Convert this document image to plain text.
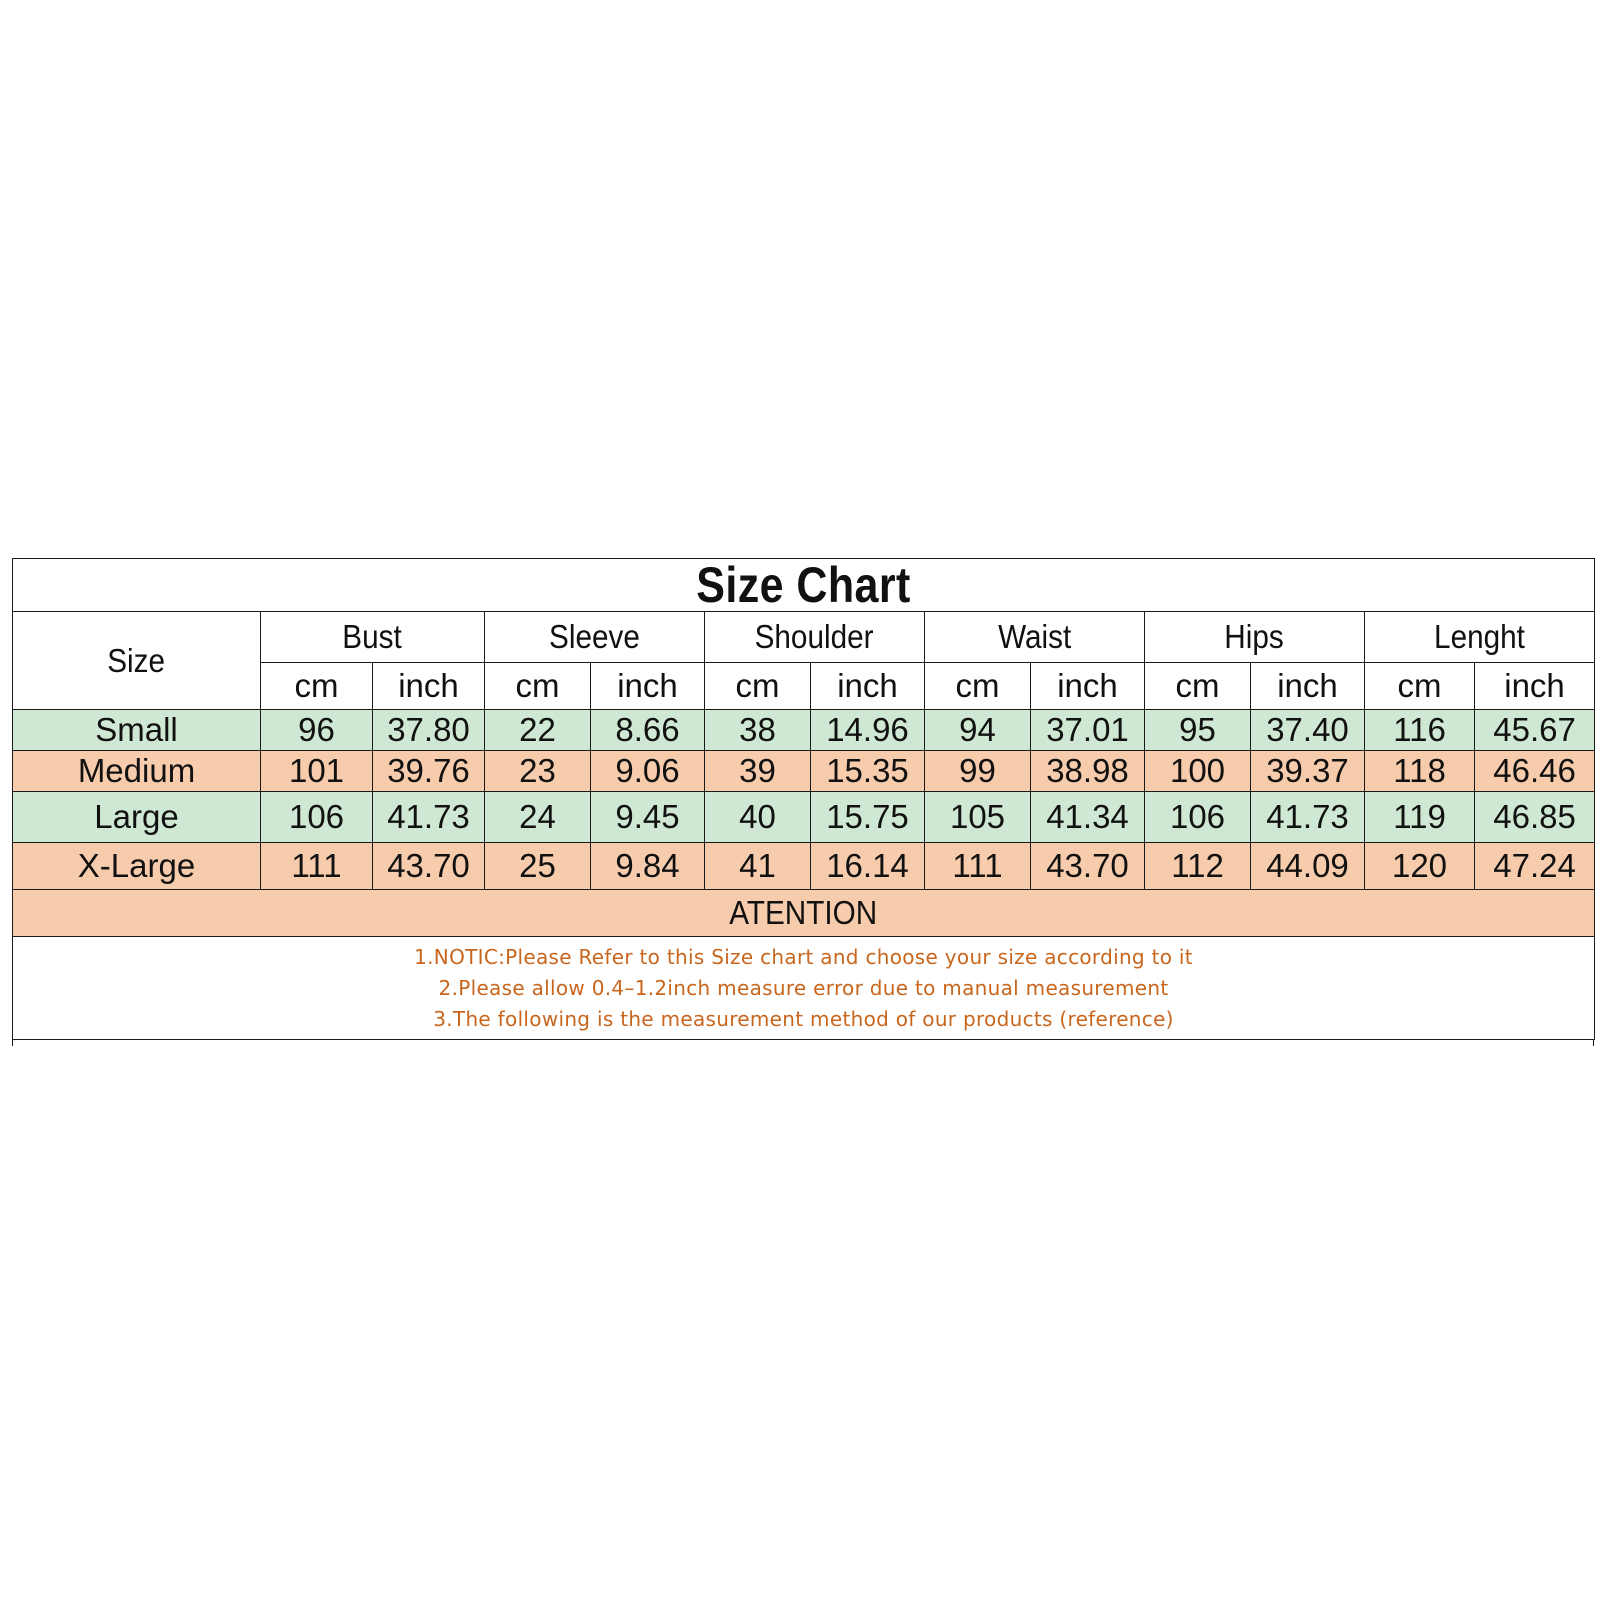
Size Chart												

Size	Bust		Sleeve		Shoulder		Waist		Hips		Lenght	
	cm	inch	cm	inch	cm	inch	cm	inch	cm	inch	cm	inch
Small	96	37.80	22	8.66	38	14.96	94	37.01	95	37.40	116	45.67
Medium	101	39.76	23	9.06	39	15.35	99	38.98	100	39.37	118	46.46
Large	106	41.73	24	9.45	40	15.75	105	41.34	106	41.73	119	46.85
X-Large	111	43.70	25	9.84	41	16.14	111	43.70	112	44.09	120	47.24
ATENTION												

1.NOTIC:Please Refer to this Size chart and choose your size according to it
2.Please allow 0.4–1.2inch measure error due to manual measurement
3.The following is the measurement method of our products (reference)												
